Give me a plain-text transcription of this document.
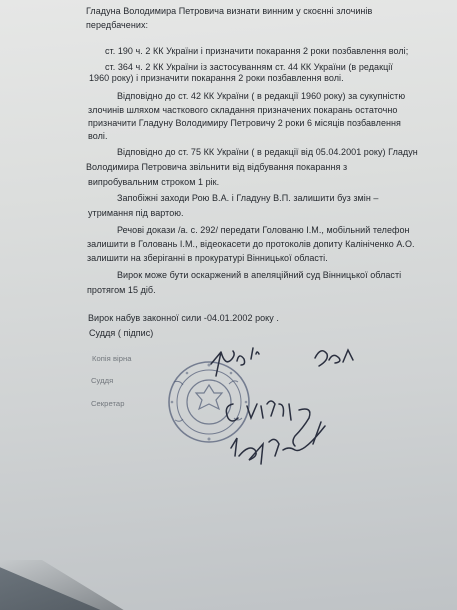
Гладуна Володимира Петровича визнати винним у скоєнні злочинів
передбачених:
ст. 190 ч. 2 КК України і призначити покарання 2 роки позбавлення волі;
ст. 364 ч. 2 КК України із застосуванням ст. 44 КК України (в редакції
1960 року) і призначити покарання 2 роки позбавлення волі.
Відповідно до ст. 42 КК України ( в редакції 1960 року) за сукупністю
злочинів шляхом часткового складання призначених покарань остаточно
призначити Гладуну Володимиру Петровичу 2 роки 6 місяців позбавлення
волі.
Відповідно до ст. 75 КК України ( в редакції від 05.04.2001 року) Гладун
Володимира Петровича звільнити від відбування покарання з
випробувальним строком 1 рік.
Запобіжні заходи Рою В.А. і Гладуну В.П. залишити буз змін –
утримання під вартою.
Речові докази /а. с. 292/ передати Голованю І.М., мобільний телефон
залишити в Головань І.М., відеокасети до протоколів допиту Калініченко А.О.
залишити на зберіганні в прокуратурі Вінницької області.
Вирок може бути оскаржений в апеляційний суд Вінницької області
протягом 15 діб.
Вирок набув законної сили -04.01.2002 року .
Суддя ( підпис)
Копія вірна
Суддя
Секретар
